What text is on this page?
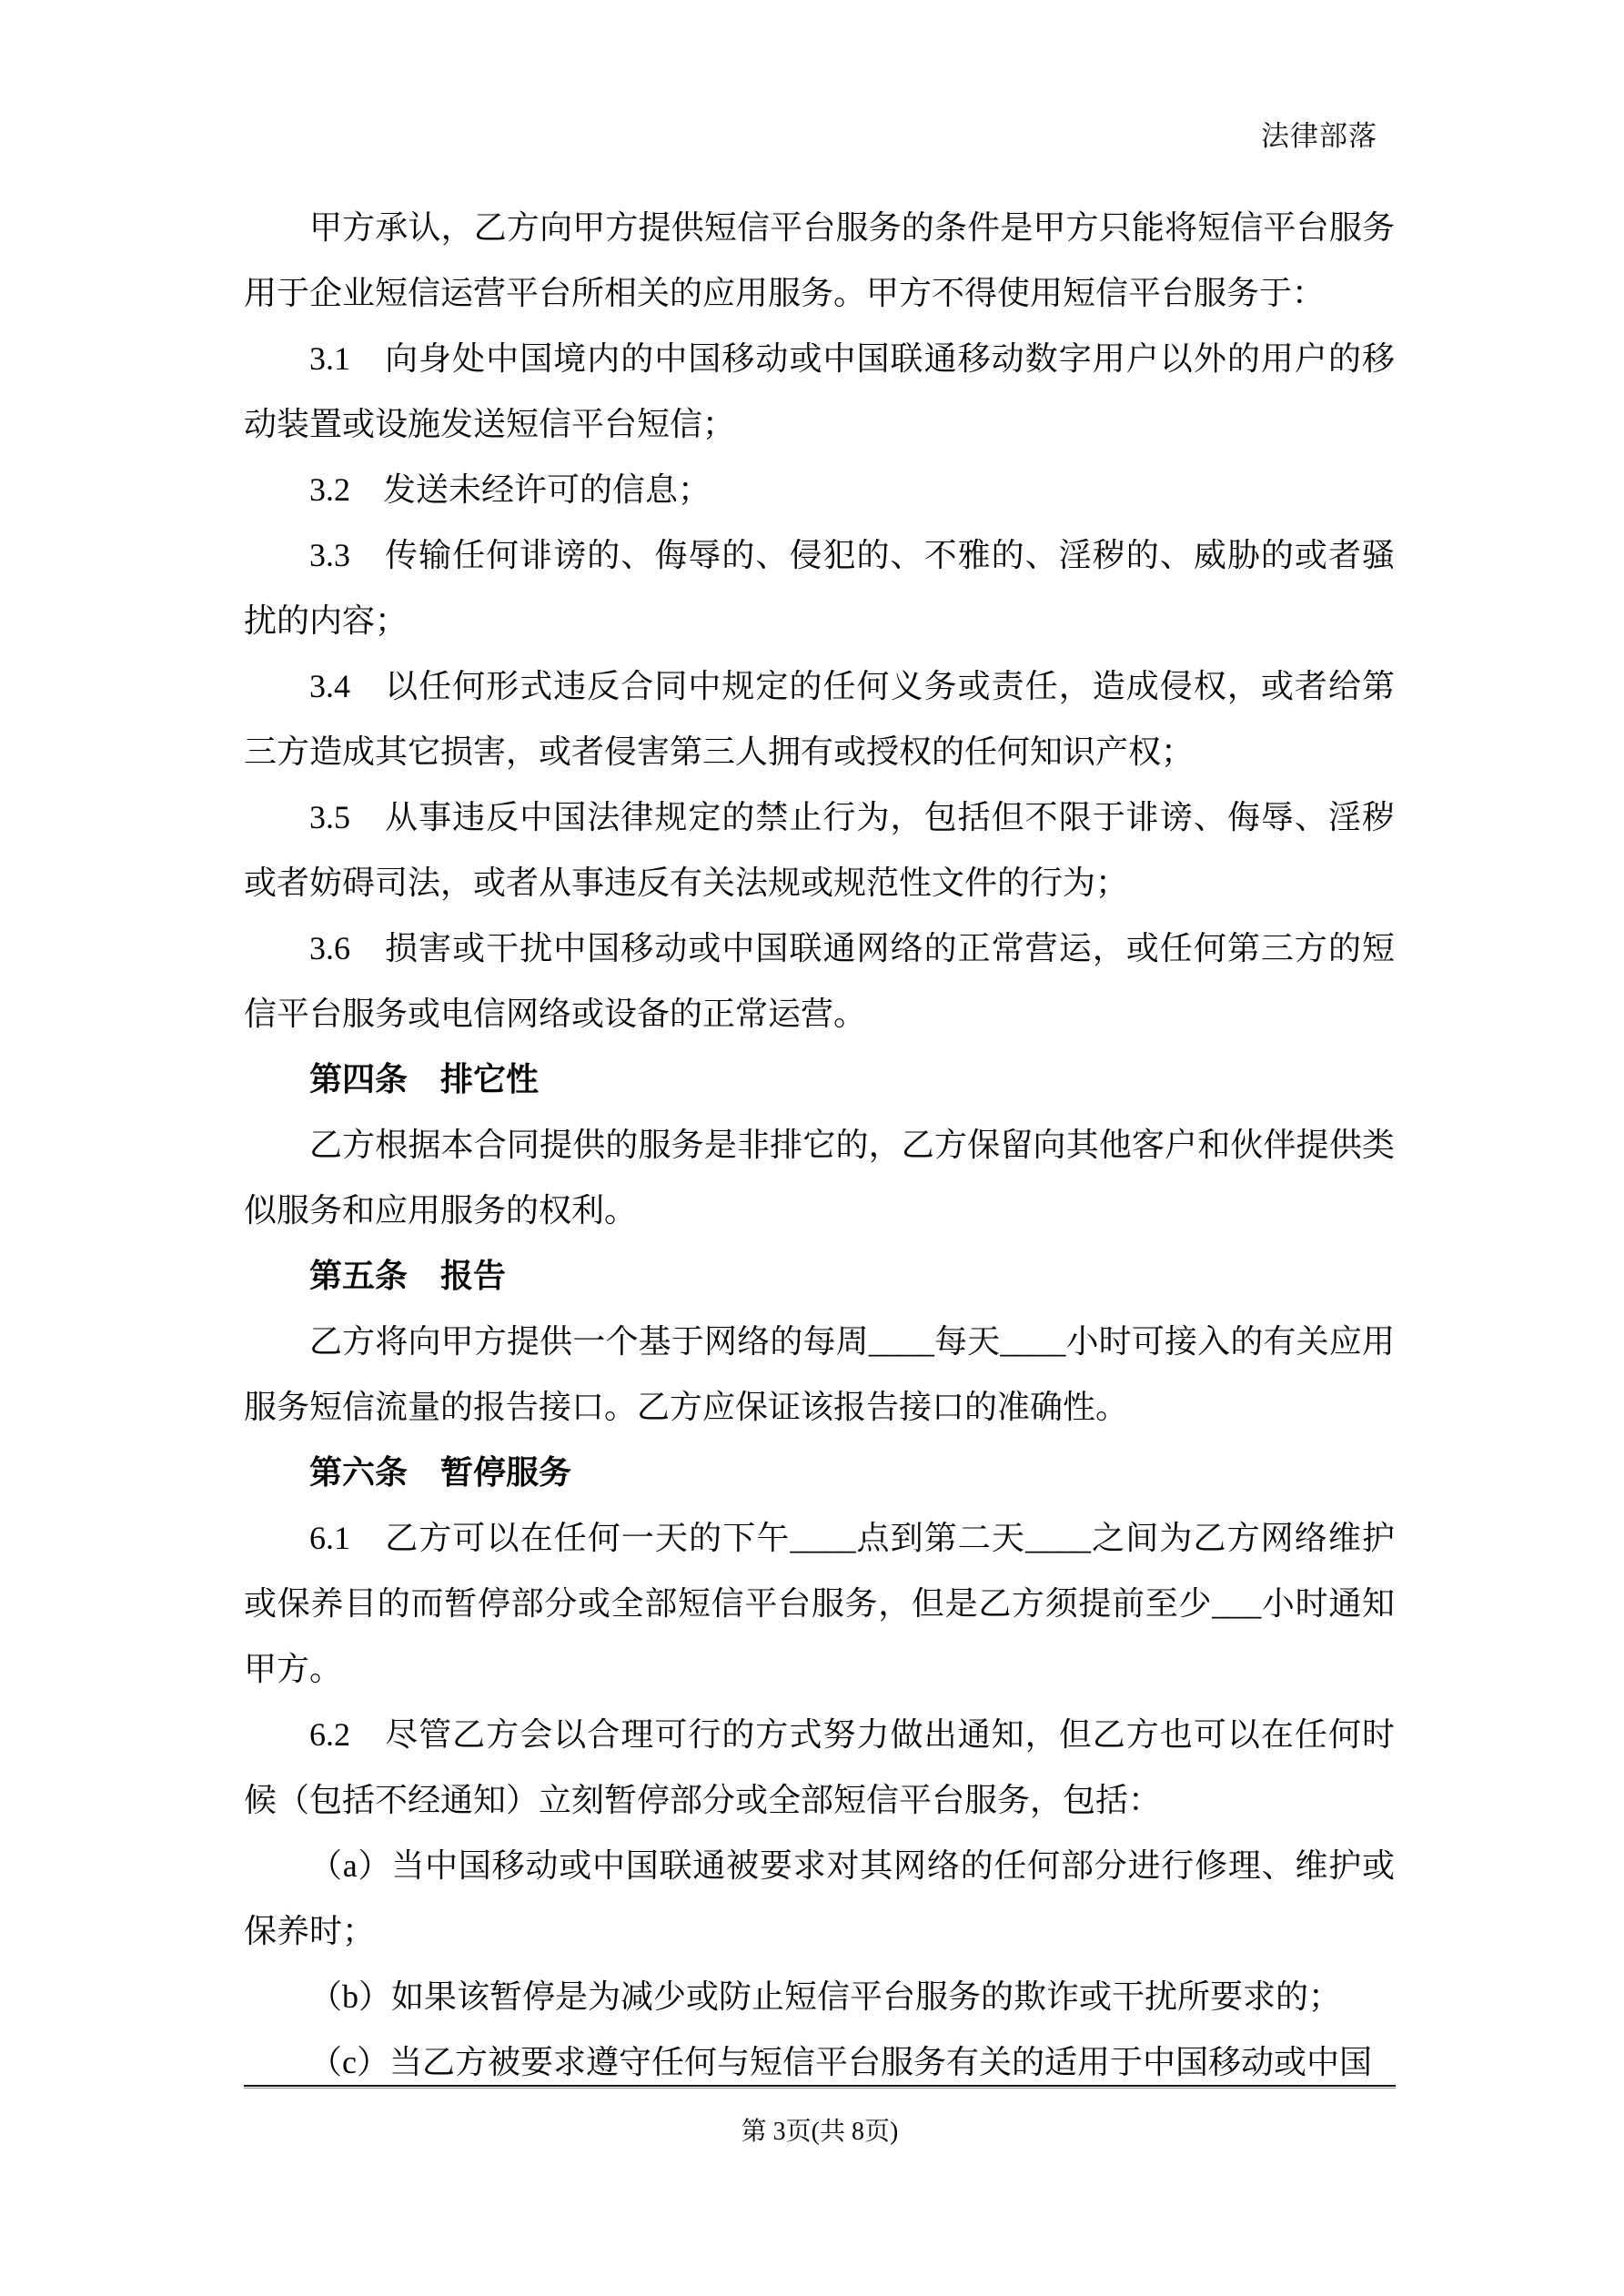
法律部落

甲方承认，乙方向甲方提供短信平台服务的条件是甲方只能将短信平台服务用于企业短信运营平台所相关的应用服务。甲方不得使用短信平台服务于：

3.1　向身处中国境内的中国移动或中国联通移动数字用户以外的用户的移动装置或设施发送短信平台短信；

3.2　发送未经许可的信息；

3.3　传输任何诽谤的、侮辱的、侵犯的、不雅的、淫秽的、威胁的或者骚扰的内容；

3.4　以任何形式违反合同中规定的任何义务或责任，造成侵权，或者给第三方造成其它损害，或者侵害第三人拥有或授权的任何知识产权；

3.5　从事违反中国法律规定的禁止行为，包括但不限于诽谤、侮辱、淫秽或者妨碍司法，或者从事违反有关法规或规范性文件的行为；

3.6　损害或干扰中国移动或中国联通网络的正常营运，或任何第三方的短信平台服务或电信网络或设备的正常运营。

第四条　排它性

乙方根据本合同提供的服务是非排它的，乙方保留向其他客户和伙伴提供类似服务和应用服务的权利。

第五条　报告

乙方将向甲方提供一个基于网络的每周____每天____小时可接入的有关应用服务短信流量的报告接口。乙方应保证该报告接口的准确性。

第六条　暂停服务

6.1　乙方可以在任何一天的下午____点到第二天____之间为乙方网络维护或保养目的而暂停部分或全部短信平台服务，但是乙方须提前至少___小时通知甲方。

6.2　尽管乙方会以合理可行的方式努力做出通知，但乙方也可以在任何时候（包括不经通知）立刻暂停部分或全部短信平台服务，包括：

（a）当中国移动或中国联通被要求对其网络的任何部分进行修理、维护或保养时；

（b）如果该暂停是为减少或防止短信平台服务的欺诈或干扰所要求的；

（c）当乙方被要求遵守任何与短信平台服务有关的适用于中国移动或中国

第 3页(共 8页)
